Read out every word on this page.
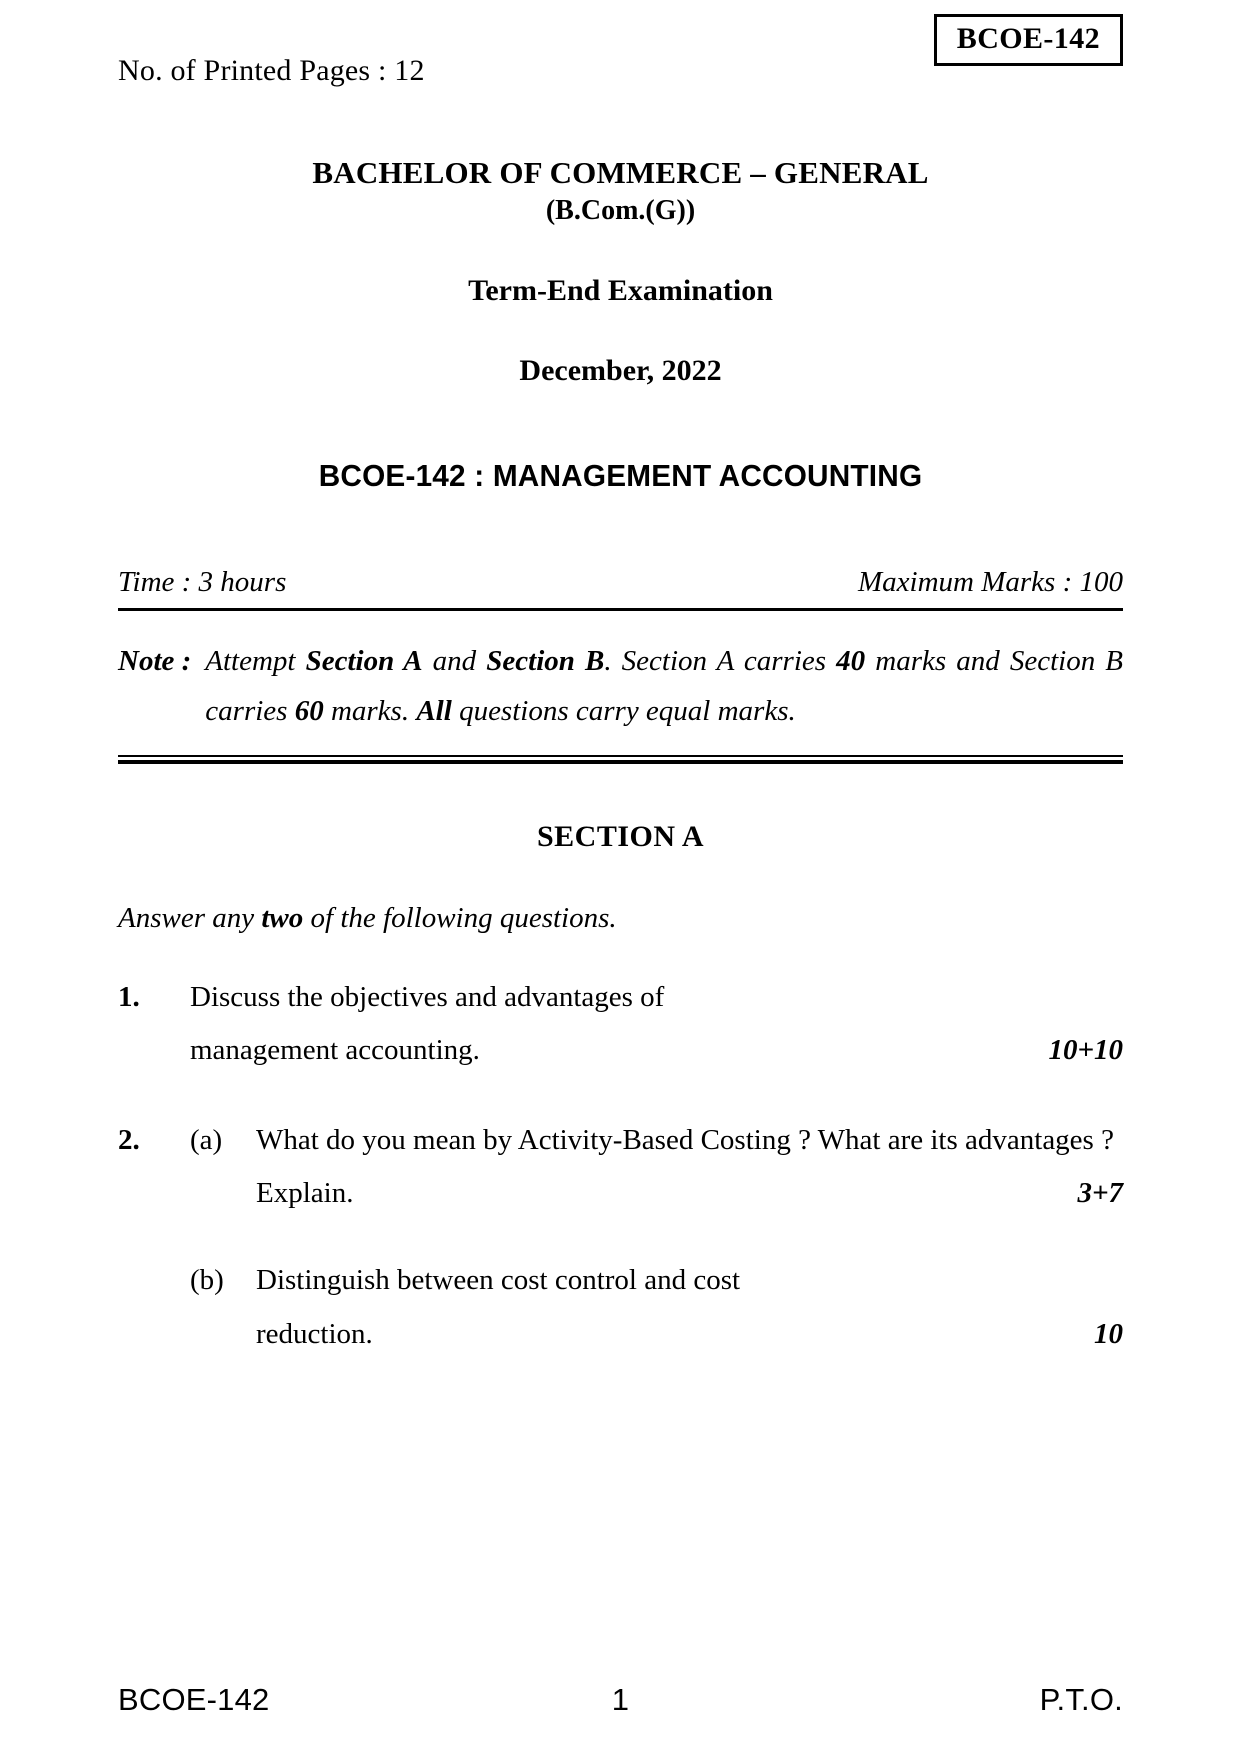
No. of Printed Pages : 12
BCOE-142
BACHELOR OF COMMERCE – GENERAL
(B.Com.(G))
Term-End Examination
December, 2022
BCOE-142 : MANAGEMENT ACCOUNTING
Time : 3 hours	Maximum Marks : 100
Note : Attempt Section A and Section B. Section A carries 40 marks and Section B carries 60 marks. All questions carry equal marks.
SECTION A
Answer any two of the following questions.
1.	Discuss the objectives and advantages of
management accounting.	10+10
2.	(a)	What do you mean by Activity-Based Costing ? What are its advantages ?
Explain.	3+7
(b)	Distinguish between cost control and cost
reduction.	10
BCOE-142	1	P.T.O.
